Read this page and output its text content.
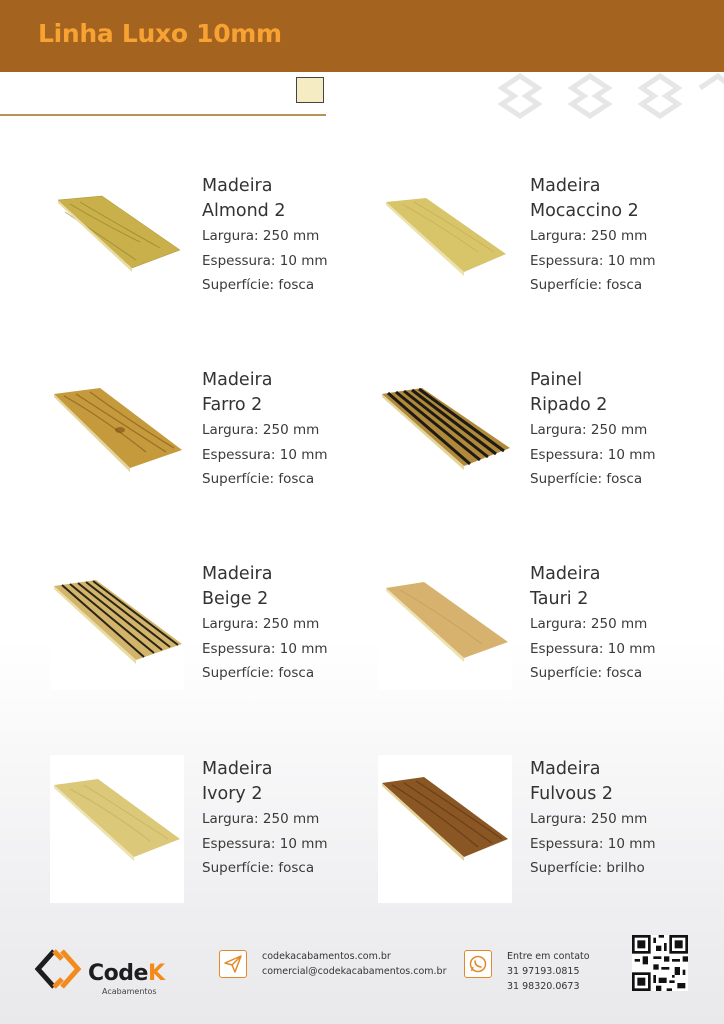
Linha Luxo 10mm
Madeira
Almond 2
Largura: 250 mm
Espessura: 10 mm
Superfície: fosca
Madeira
Mocaccino 2
Largura: 250 mm
Espessura: 10 mm
Superfície: fosca
Madeira
Farro 2
Largura: 250 mm
Espessura: 10 mm
Superfície: fosca
Painel
Ripado 2
Largura: 250 mm
Espessura: 10 mm
Superfície: fosca
Madeira
Beige 2
Largura: 250 mm
Espessura: 10 mm
Superfície: fosca
Madeira
Tauri 2
Largura: 250 mm
Espessura: 10 mm
Superfície: fosca
Madeira
Ivory 2
Largura: 250 mm
Espessura: 10 mm
Superfície: fosca
Madeira
Fulvous 2
Largura: 250 mm
Espessura: 10 mm
Superfície: brilho
CodeK
Acabamentos
codekacabamentos.com.br
comercial@codekacabamentos.com.br
Entre em contato
31 97193.0815
31 98320.0673
